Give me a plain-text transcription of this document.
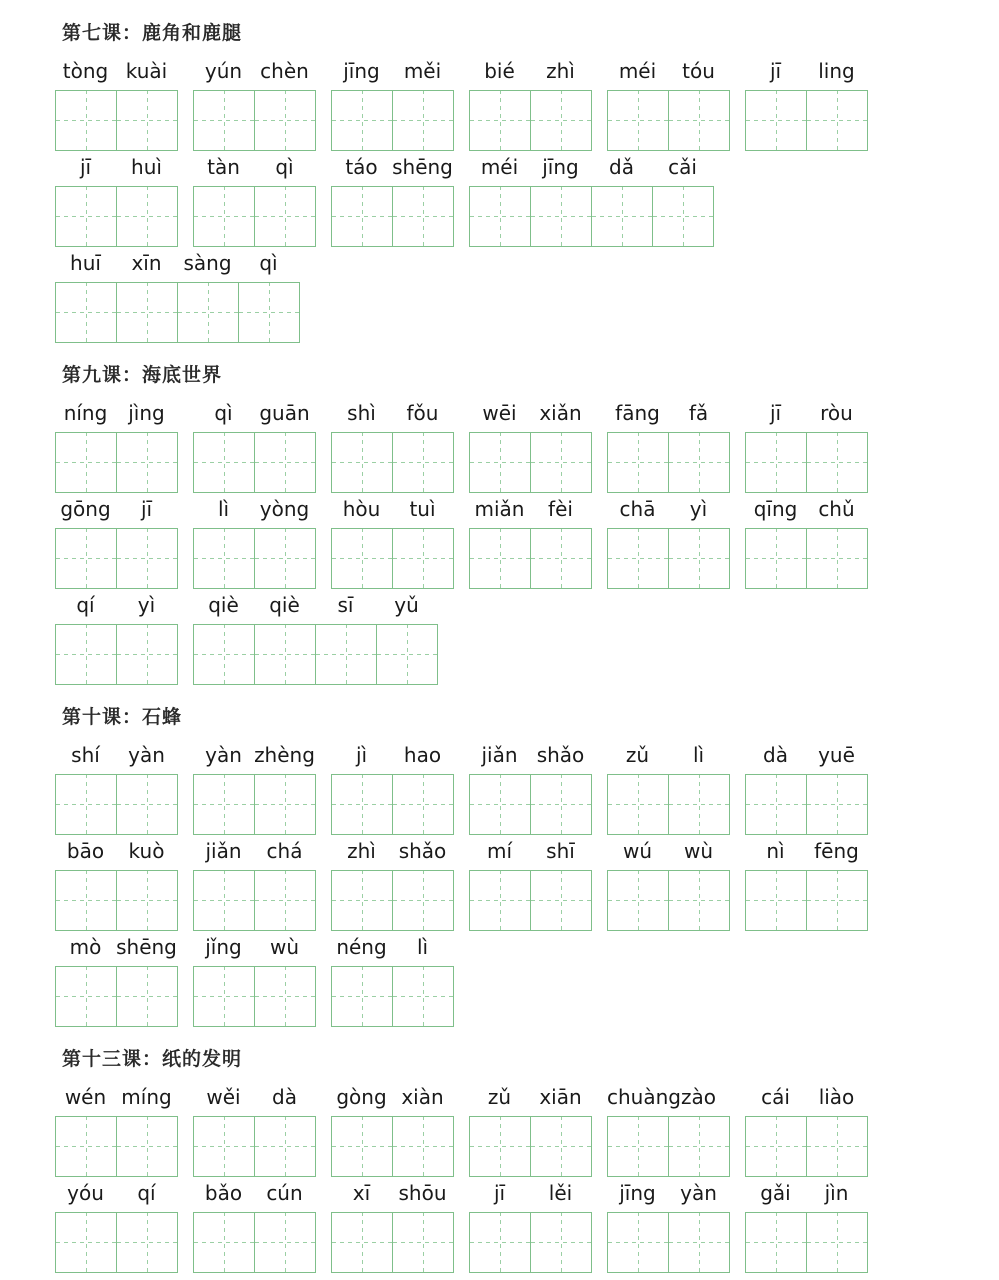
第七课：鹿角和鹿腿
tòng kuài	yún chèn	jīng	měi	bié	zhì	méi	tóu	jī	ling
jī	huì	tàn	qì	táo shēng	méi	jīng	dǎ	cǎi
huī	xīn	sàng	qì
第九课：海底世界
níng	jìng	qì	guān	shì	fǒu	wēi	xiǎn	fāng	fǎ	jī	ròu
gōng	jī	lì	yòng	hòu	tuì	miǎn	fèi	chā	yì	qīng	chǔ
qí	yì	qiè	qiè	sī	yǔ
第十课：石蜂
shí	yàn	yàn zhèng	jì	hao	jiǎn shǎo	zǔ	lì	dà	yuē
bāo	kuò	jiǎn	chá	zhì	shǎo	mí	shī	wú	wù	nì	fēng
mò shēng	jǐng	wù	néng	lì
第十三课：纸的发明
wén míng	wěi	dà	gòng xiàn	zǔ	xiān	chuàng zào	cái	liào
yóu	qí	bǎo	cún	xī	shōu	jī	lěi	jīng	yàn	gǎi	jìn
